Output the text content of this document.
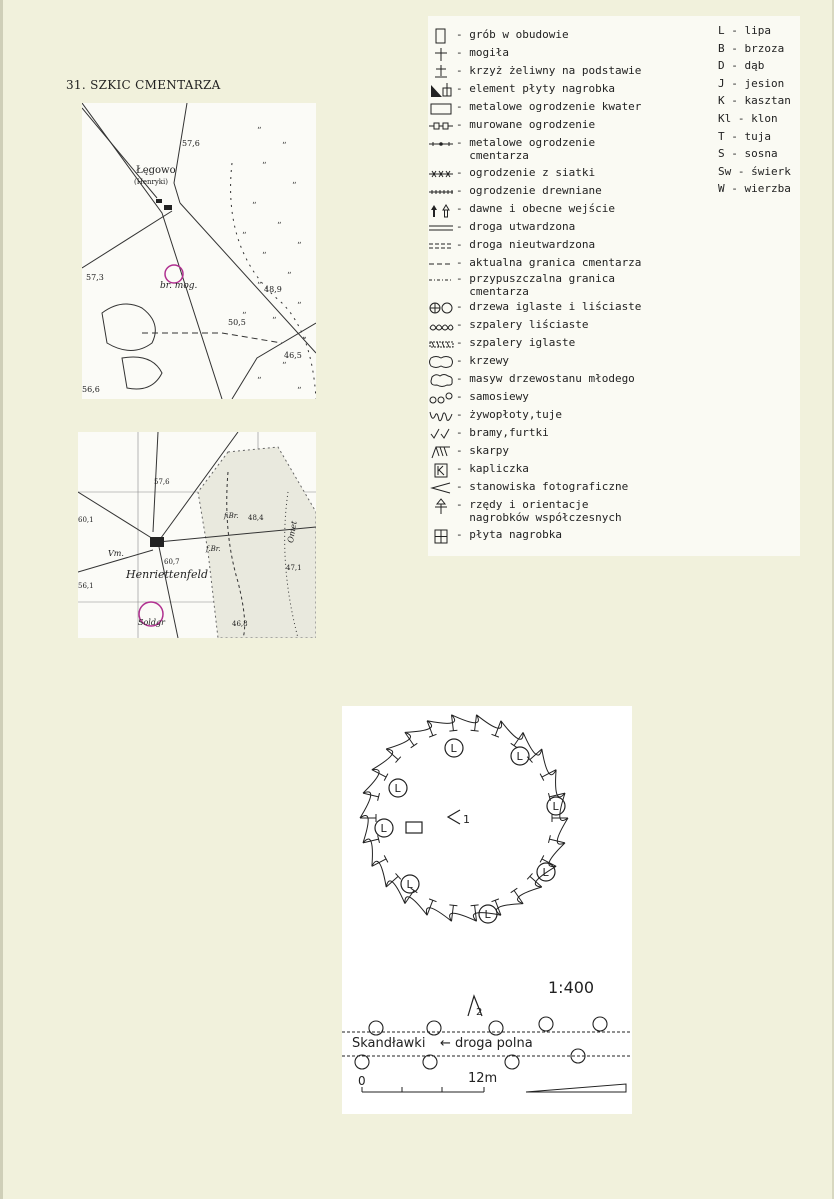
31. SZKIC CMENTARZA
„
„
„
„
„
„
„
„
„
„
„
„
„
„
„
„
„
„
Łęgowo
(Henryki)
br. mog.
57,6
57,3
48,9
50,5
46,5
56,6
Henriettenfeld
Soldgr
57,6
60,1
60,7
56,1
48,4
47,1
46,8
Vm.
f.Br.
f.Br.
Omet
- grób w obudowie
- mogiła
- krzyż żeliwny na podstawie
- element płyty nagrobka
- metalowe ogrodzenie kwater
- murowane ogrodzenie
- metalowe ogrodzenie
cmentarza
- ogrodzenie z siatki
- ogrodzenie drewniane
- dawne i obecne wejście
- droga utwardzona
- droga nieutwardzona
- aktualna granica cmentarza
- przypuszczalna granica
cmentarza
- drzewa iglaste i liściaste
- szpalery liściaste
- szpalery iglaste
- krzewy
- masyw drzewostanu młodego
- samosiewy
- żywopłoty,tuje
- bramy,furtki
- skarpy
- kapliczka
- stanowiska fotograficzne
- rzędy i orientacje
nagrobków współczesnych
- płyta nagrobka
L - lipa
B - brzoza
D - dąb
J - jesion
K - kasztan
Kl - klon
T - tuja
S - sosna
Sw - świerk
W - wierzba
L
L
L
L
L
L
L
L
1
2
1:400
Skandławki ← droga polna
0	12m
